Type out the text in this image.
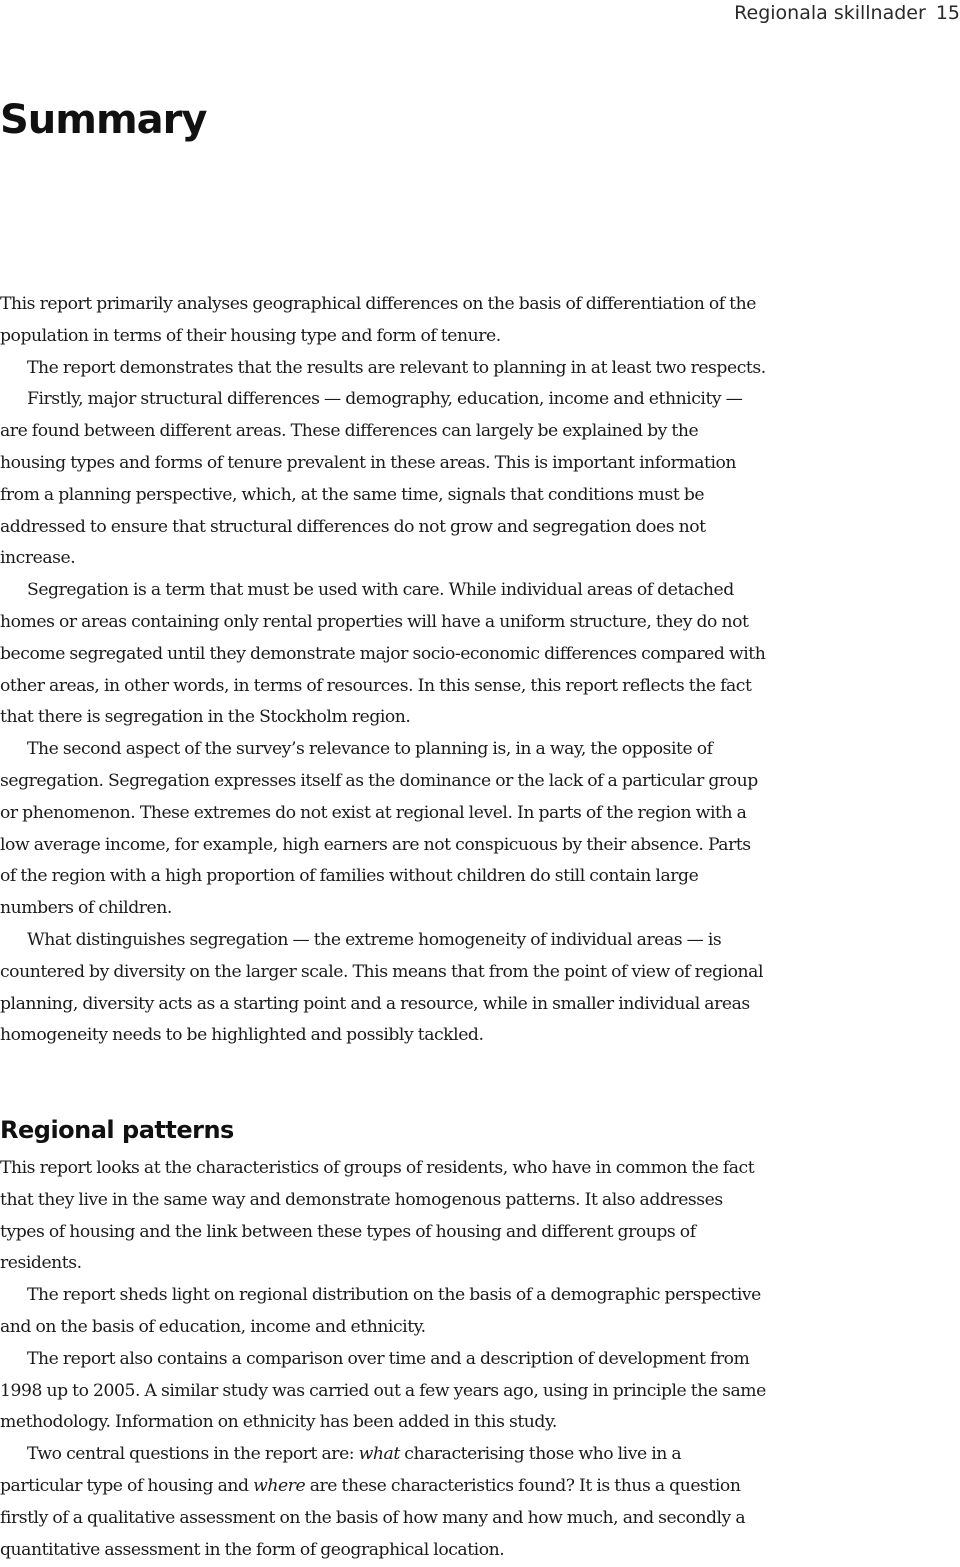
Regionala skillnader 15
Summary

This report primarily analyses geographical differences on the basis of differentiation of the population in terms of their housing type and form of tenure.

The report demonstrates that the results are relevant to planning in at least two respects.

Firstly, major structural differences — demography, education, income and ethnicity — are found between different areas. These differences can largely be explained by the housing types and forms of tenure prevalent in these areas. This is important information from a planning perspective, which, at the same time, signals that conditions must be addressed to ensure that structural differences do not grow and segregation does not increase.

Segregation is a term that must be used with care. While individual areas of detached homes or areas containing only rental properties will have a uniform structure, they do not become segregated until they demonstrate major socio-economic differences compared with other areas, in other words, in terms of resources. In this sense, this report reflects the fact that there is segregation in the Stockholm region.

The second aspect of the survey’s relevance to planning is, in a way, the opposite of segregation. Segregation expresses itself as the dominance or the lack of a particular group or phenomenon. These extremes do not exist at regional level. In parts of the region with a low average income, for example, high earners are not conspicuous by their absence. Parts of the region with a high proportion of families without children do still contain large numbers of children.

What distinguishes segregation — the extreme homogeneity of individual areas — is countered by diversity on the larger scale. This means that from the point of view of regional planning, diversity acts as a starting point and a resource, while in smaller individual areas homogeneity needs to be highlighted and possibly tackled.

Regional patterns

This report looks at the characteristics of groups of residents, who have in common the fact that they live in the same way and demonstrate homogenous patterns. It also addresses types of housing and the link between these types of housing and different groups of residents.

The report sheds light on regional distribution on the basis of a demographic perspective and on the basis of education, income and ethnicity.

The report also contains a comparison over time and a description of development from 1998 up to 2005. A similar study was carried out a few years ago, using in principle the same methodology. Information on ethnicity has been added in this study.

Two central questions in the report are: what characterising those who live in a particular type of housing and where are these characteristics found? It is thus a question firstly of a qualitative assessment on the basis of how many and how much, and secondly a quantitative assessment in the form of geographical location.
